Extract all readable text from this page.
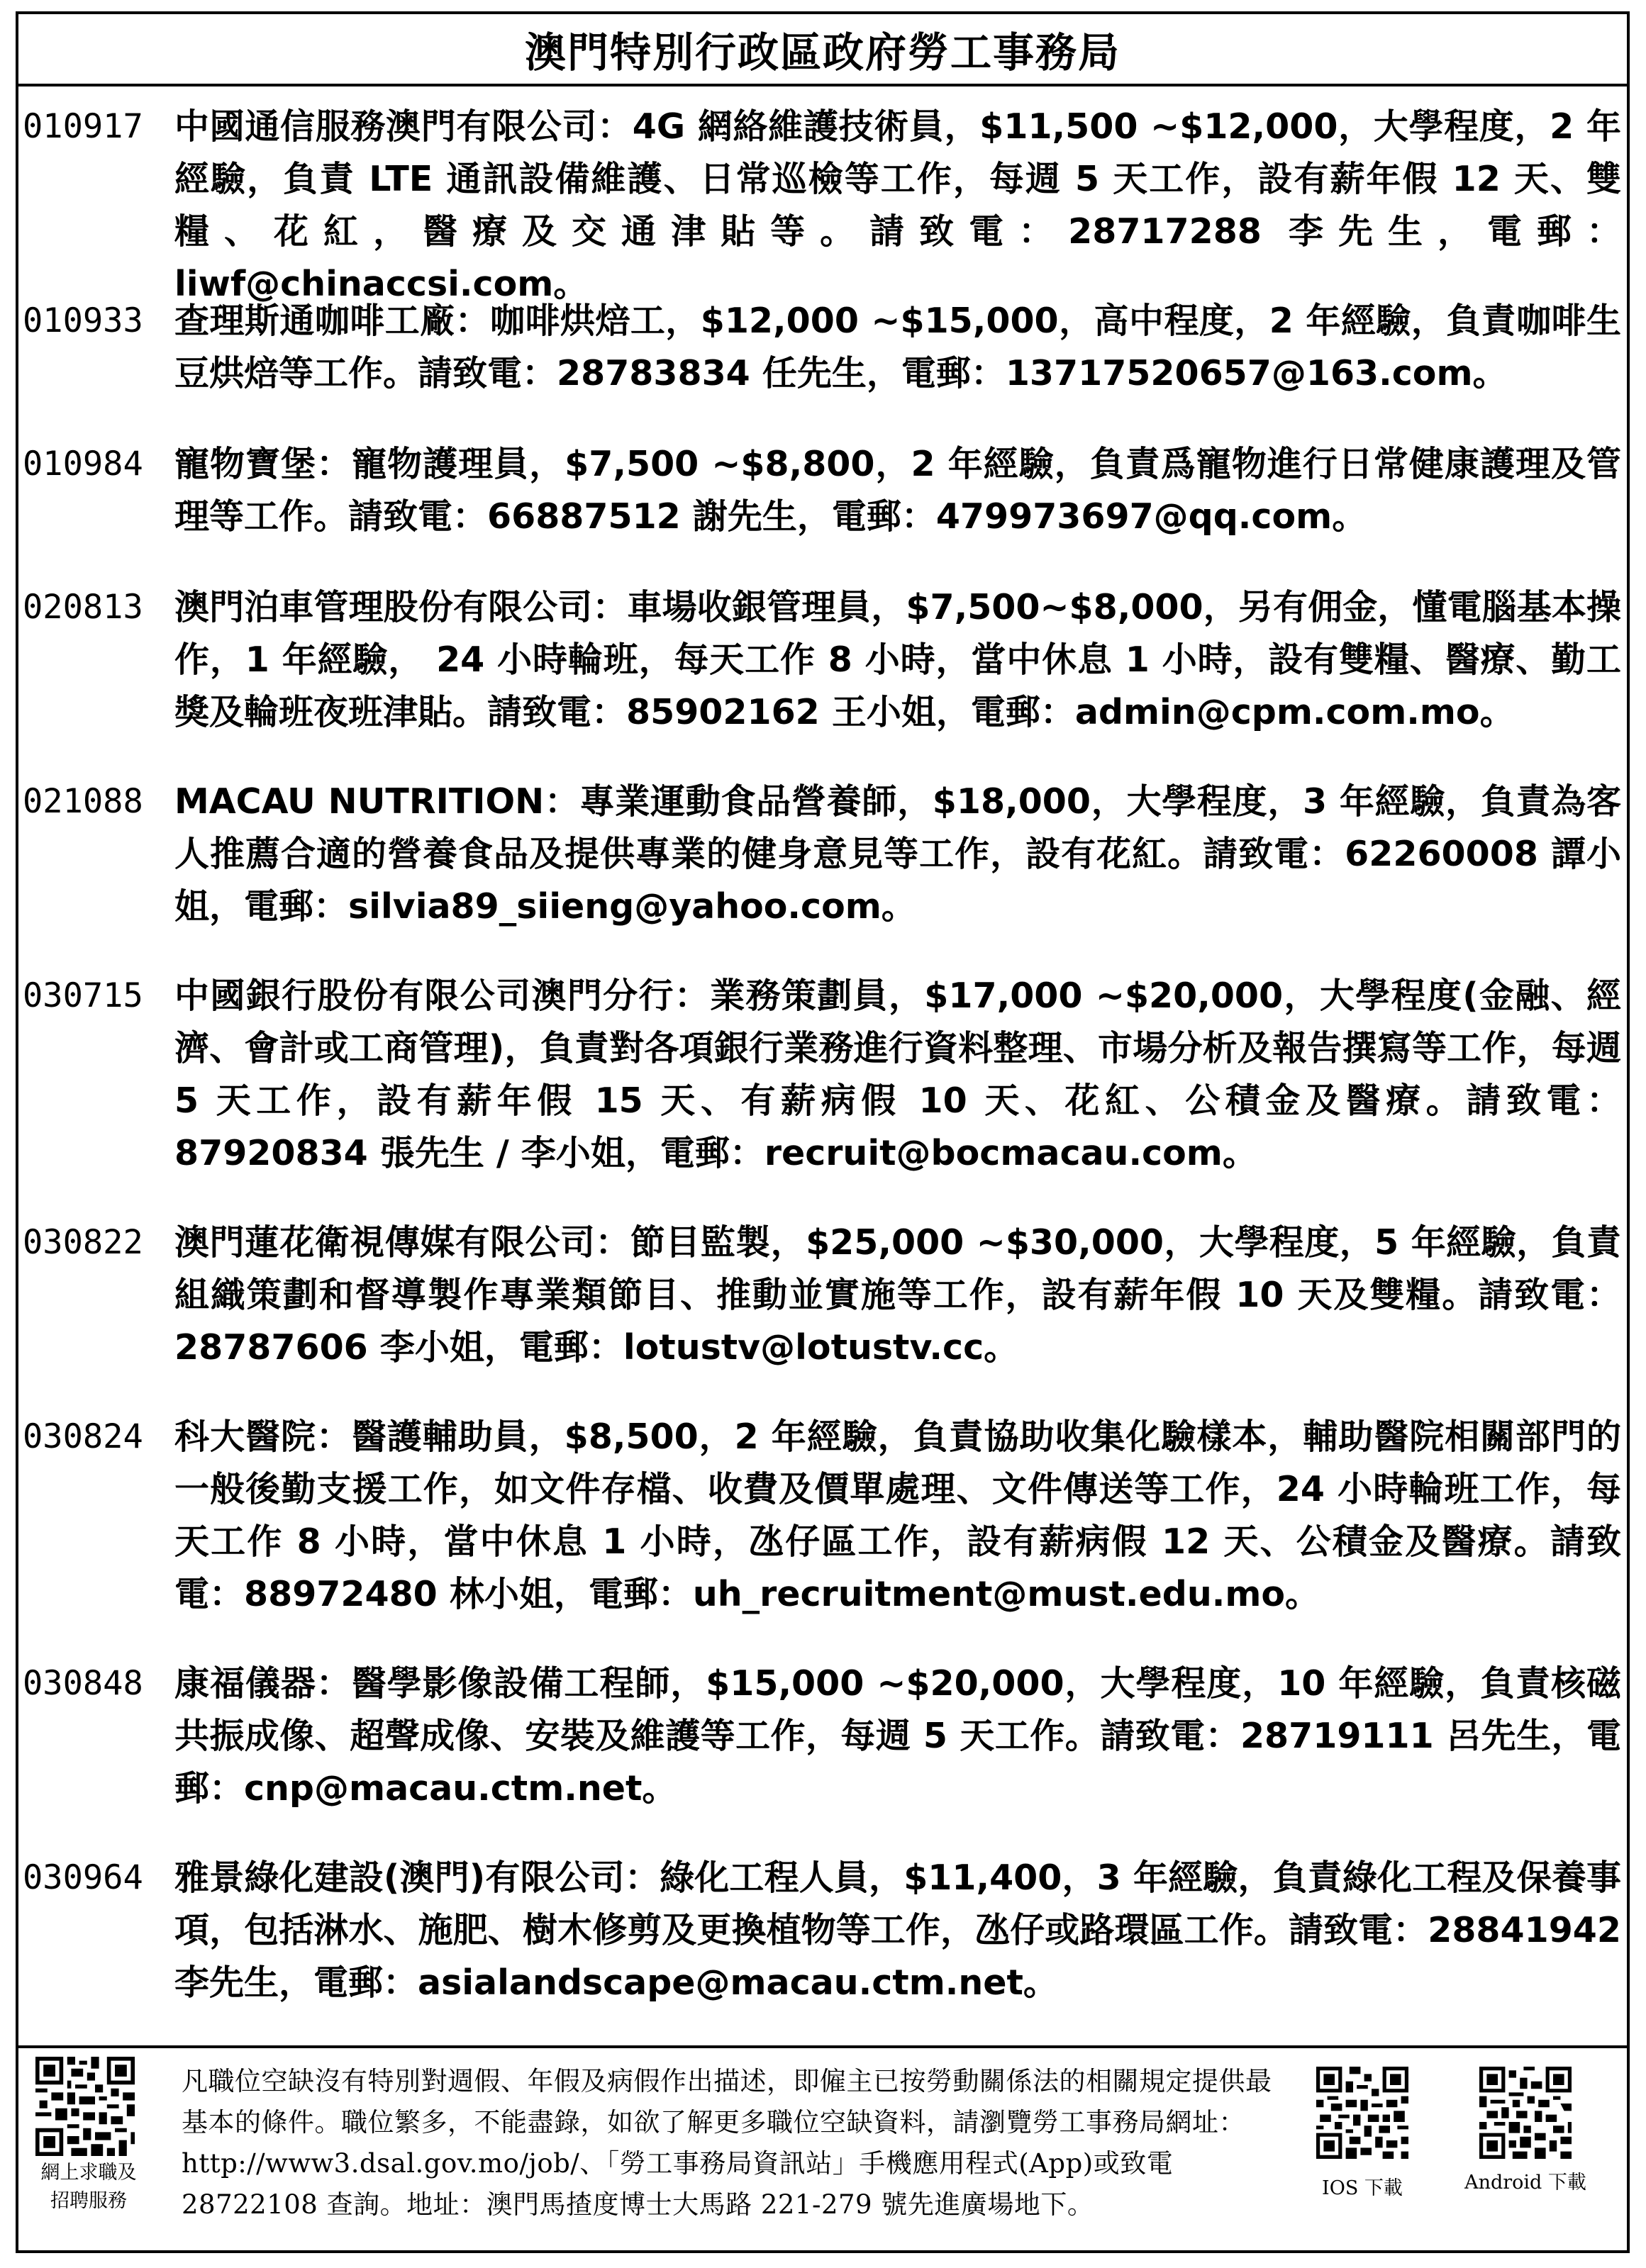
澳門特別行政區政府勞工事務局
010917 中國通信服務澳門有限公司：4G 網絡維護技術員，$11,500 ~$12,000，大學程度，2 年經驗，負責 LTE 通訊設備維護、日常巡檢等工作，每週 5 天工作，設有薪年假 12 天、雙糧、花紅，醫療及交通津貼等。請致電：28717288 李先生，電郵：liwf@chinaccsi.com。
010933 查理斯通咖啡工廠：咖啡烘焙工，$12,000 ~$15,000，高中程度，2 年經驗，負責咖啡生豆烘焙等工作。請致電：28783834 任先生，電郵：13717520657@163.com。
010984 寵物寶堡：寵物護理員，$7,500 ~$8,800，2 年經驗，負責爲寵物進行日常健康護理及管理等工作。請致電：66887512 謝先生，電郵：479973697@qq.com。
020813 澳門泊車管理股份有限公司：車場收銀管理員，$7,500~$8,000，另有佣金，懂電腦基本操作，1 年經驗， 24 小時輪班，每天工作 8 小時，當中休息 1 小時，設有雙糧、醫療、勤工獎及輪班夜班津貼。請致電：85902162 王小姐，電郵：admin@cpm.com.mo。
021088 MACAU NUTRITION：專業運動食品營養師，$18,000，大學程度，3 年經驗，負責為客人推薦合適的營養食品及提供專業的健身意見等工作，設有花紅。請致電：62260008 譚小姐，電郵：silvia89_siieng@yahoo.com。
030715 中國銀行股份有限公司澳門分行：業務策劃員，$17,000 ~$20,000，大學程度(金融、經濟、會計或工商管理)，負責對各項銀行業務進行資料整理、市場分析及報告撰寫等工作，每週 5 天工作，設有薪年假 15 天、有薪病假 10 天、花紅、公積金及醫療。請致電：87920834 張先生 / 李小姐，電郵：recruit@bocmacau.com。
030822 澳門蓮花衛視傳媒有限公司：節目監製，$25,000 ~$30,000，大學程度，5 年經驗，負責組織策劃和督導製作專業類節目、推動並實施等工作，設有薪年假 10 天及雙糧。請致電：28787606 李小姐，電郵：lotustv@lotustv.cc。
030824 科大醫院：醫護輔助員，$8,500，2 年經驗，負責協助收集化驗樣本，輔助醫院相關部門的一般後勤支援工作，如文件存檔、收費及價單處理、文件傳送等工作，24 小時輪班工作，每天工作 8 小時，當中休息 1 小時，氹仔區工作，設有薪病假 12 天、公積金及醫療。請致電：88972480 林小姐，電郵：uh_recruitment@must.edu.mo。
030848 康福儀器：醫學影像設備工程師，$15,000 ~$20,000，大學程度，10 年經驗，負責核磁共振成像、超聲成像、安裝及維護等工作，每週 5 天工作。請致電：28719111 呂先生，電郵：cnp@macau.ctm.net。
030964 雅景綠化建設(澳門)有限公司：綠化工程人員，$11,400，3 年經驗，負責綠化工程及保養事項，包括淋水、施肥、樹木修剪及更換植物等工作，氹仔或路環區工作。請致電：28841942 李先生，電郵：asialandscape@macau.ctm.net。
網上求職及
招聘服務
凡職位空缺沒有特別對週假、年假及病假作出描述，即僱主已按勞動關係法的相關規定提供最基本的條件。職位繁多，不能盡錄，如欲了解更多職位空缺資料，請瀏覽勞工事務局網址：http://www3.dsal.gov.mo/job/、「勞工事務局資訊站」手機應用程式(App)或致電 28722108 查詢。地址：澳門馬揸度博士大馬路 221-279 號先進廣場地下。
IOS 下載	Android 下載
